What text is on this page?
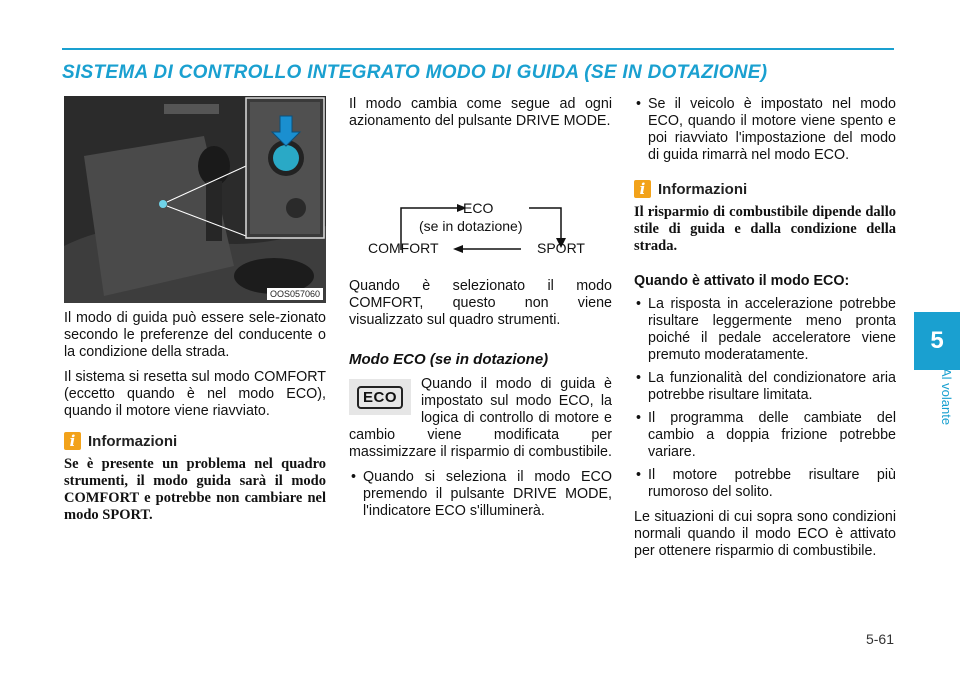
SISTEMA DI CONTROLLO INTEGRATO MODO DI GUIDA (SE IN DOTAZIONE)
5
Al volante
OOS057060

Il modo di guida può essere sele-zionato secondo le preferenze del conducente o la condizione della strada.

Il sistema si resetta sul modo COMFORT (eccetto quando è nel modo ECO), quando il motore viene riavviato.

i Informazioni

Se è presente un problema nel quadro strumenti, il modo guida sarà il modo COMFORT e potrebbe non cambiare nel modo SPORT.

Il modo cambia come segue ad ogni azionamento del pulsante DRIVE MODE.

ECO
(se in dotazione)
COMFORT	SPORT

Quando è selezionato il modo COMFORT, questo non viene visualizzato sul quadro strumenti.

Modo ECO (se in dotazione)
ECO

Quando il modo di guida è impostato sul modo ECO, la logica di controllo di motore e cambio viene modificata per massimizzare il risparmio di combustibile.

• Quando si seleziona il modo ECO premendo il pulsante DRIVE MODE, l'indicatore ECO s'illuminerà.
• Se il veicolo è impostato nel modo ECO, quando il motore viene spento e poi riavviato l'impostazione del modo di guida rimarrà nel modo ECO.
i Informazioni

Il risparmio di combustibile dipende dallo stile di guida e dalla condizione della strada.

Quando è attivato il modo ECO:

• La risposta in accelerazione potrebbe risultare leggermente meno pronta poiché il pedale acceleratore viene premuto moderatamente.
• La funzionalità del condizionatore aria potrebbe risultare limitata.
• Il programma delle cambiate del cambio a doppia frizione potrebbe variare.
• Il motore potrebbe risultare più rumoroso del solito.

Le situazioni di cui sopra sono condizioni normali quando il modo ECO è attivato per ottenere risparmio di combustibile.

5-61
